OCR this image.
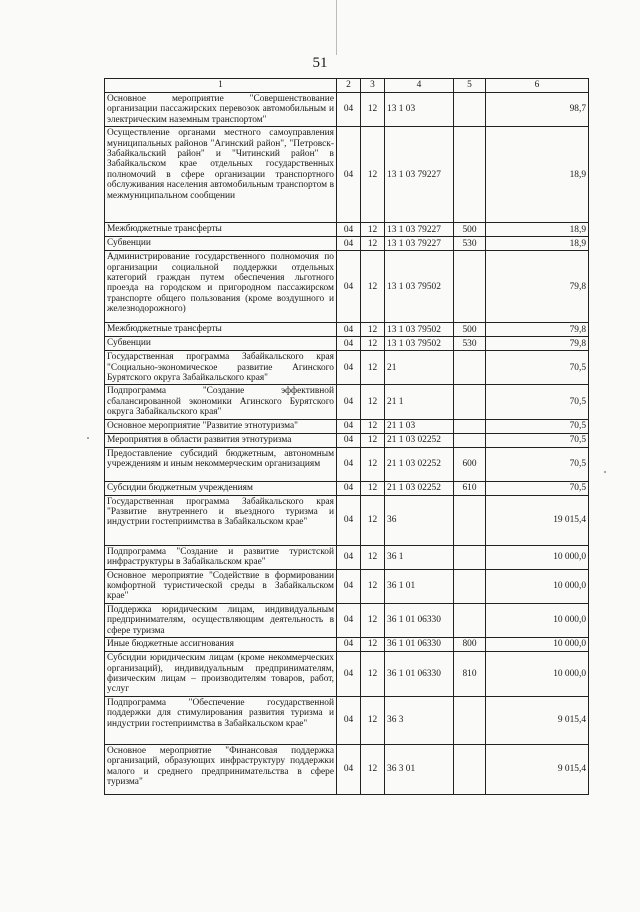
51
1	2	3	4	5	6
Основное мероприятие "Совершенствование организации пассажирских перевозок автомобильным и электрическим наземным транспортом"	04	12	13 1 03		98,7
Осуществление органами местного самоуправления муниципальных районов "Агинский район", "Петровск-Забайкальский район" и "Читинский район" в Забайкальском крае отдельных государственных полномочий в сфере организации транспортного обслуживания населения автомобильным транспортом в межмуниципальном сообщении	04	12	13 1 03 79227		18,9
Межбюджетные трансферты	04	12	13 1 03 79227	500	18,9
Субвенции	04	12	13 1 03 79227	530	18,9
Администрирование государственного полномочия по организации социальной поддержки отдельных категорий граждан путем обеспечения льготного проезда на городском и пригородном пассажирском транспорте общего пользования (кроме воздушного и железнодорожного)	04	12	13 1 03 79502		79,8
Межбюджетные трансферты	04	12	13 1 03 79502	500	79,8
Субвенции	04	12	13 1 03 79502	530	79,8
Государственная программа Забайкальского края "Социально-экономическое развитие Агинского Бурятского округа Забайкальского края"	04	12	21		70,5
Подпрограмма "Создание эффективной сбалансированной экономики Агинского Бурятского округа Забайкальского края"	04	12	21 1		70,5
Основное мероприятие "Развитие этнотуризма"	04	12	21 1 03		70,5
Мероприятия в области развития этнотуризма	04	12	21 1 03 02252		70,5
Предоставление субсидий бюджетным, автономным учреждениям и иным некоммерческим организациям	04	12	21 1 03 02252	600	70,5
Субсидии бюджетным учреждениям	04	12	21 1 03 02252	610	70,5
Государственная программа Забайкальского края "Развитие внутреннего и въездного туризма и индустрии гостеприимства в Забайкальском крае"	04	12	36		19 015,4
Подпрограмма "Создание и развитие туристской инфраструктуры в Забайкальском крае"	04	12	36 1		10 000,0
Основное мероприятие "Содействие в формировании комфортной туристической среды в Забайкальском крае"	04	12	36 1 01		10 000,0
Поддержка юридическим лицам, индивидуальным предпринимателям, осуществляющим деятельность в сфере туризма	04	12	36 1 01 06330		10 000,0
Иные бюджетные ассигнования	04	12	36 1 01 06330	800	10 000,0
Субсидии юридическим лицам (кроме некоммерческих организаций), индивидуальным предпринимателям, физическим лицам – производителям товаров, работ, услуг	04	12	36 1 01 06330	810	10 000,0
Подпрограмма "Обеспечение государственной поддержки для стимулирования развития туризма и индустрии гостеприимства в Забайкальском крае"	04	12	36 3		9 015,4
Основное мероприятие "Финансовая поддержка организаций, образующих инфраструктуру поддержки малого и среднего предпринимательства в сфере туризма"	04	12	36 3 01		9 015,4
